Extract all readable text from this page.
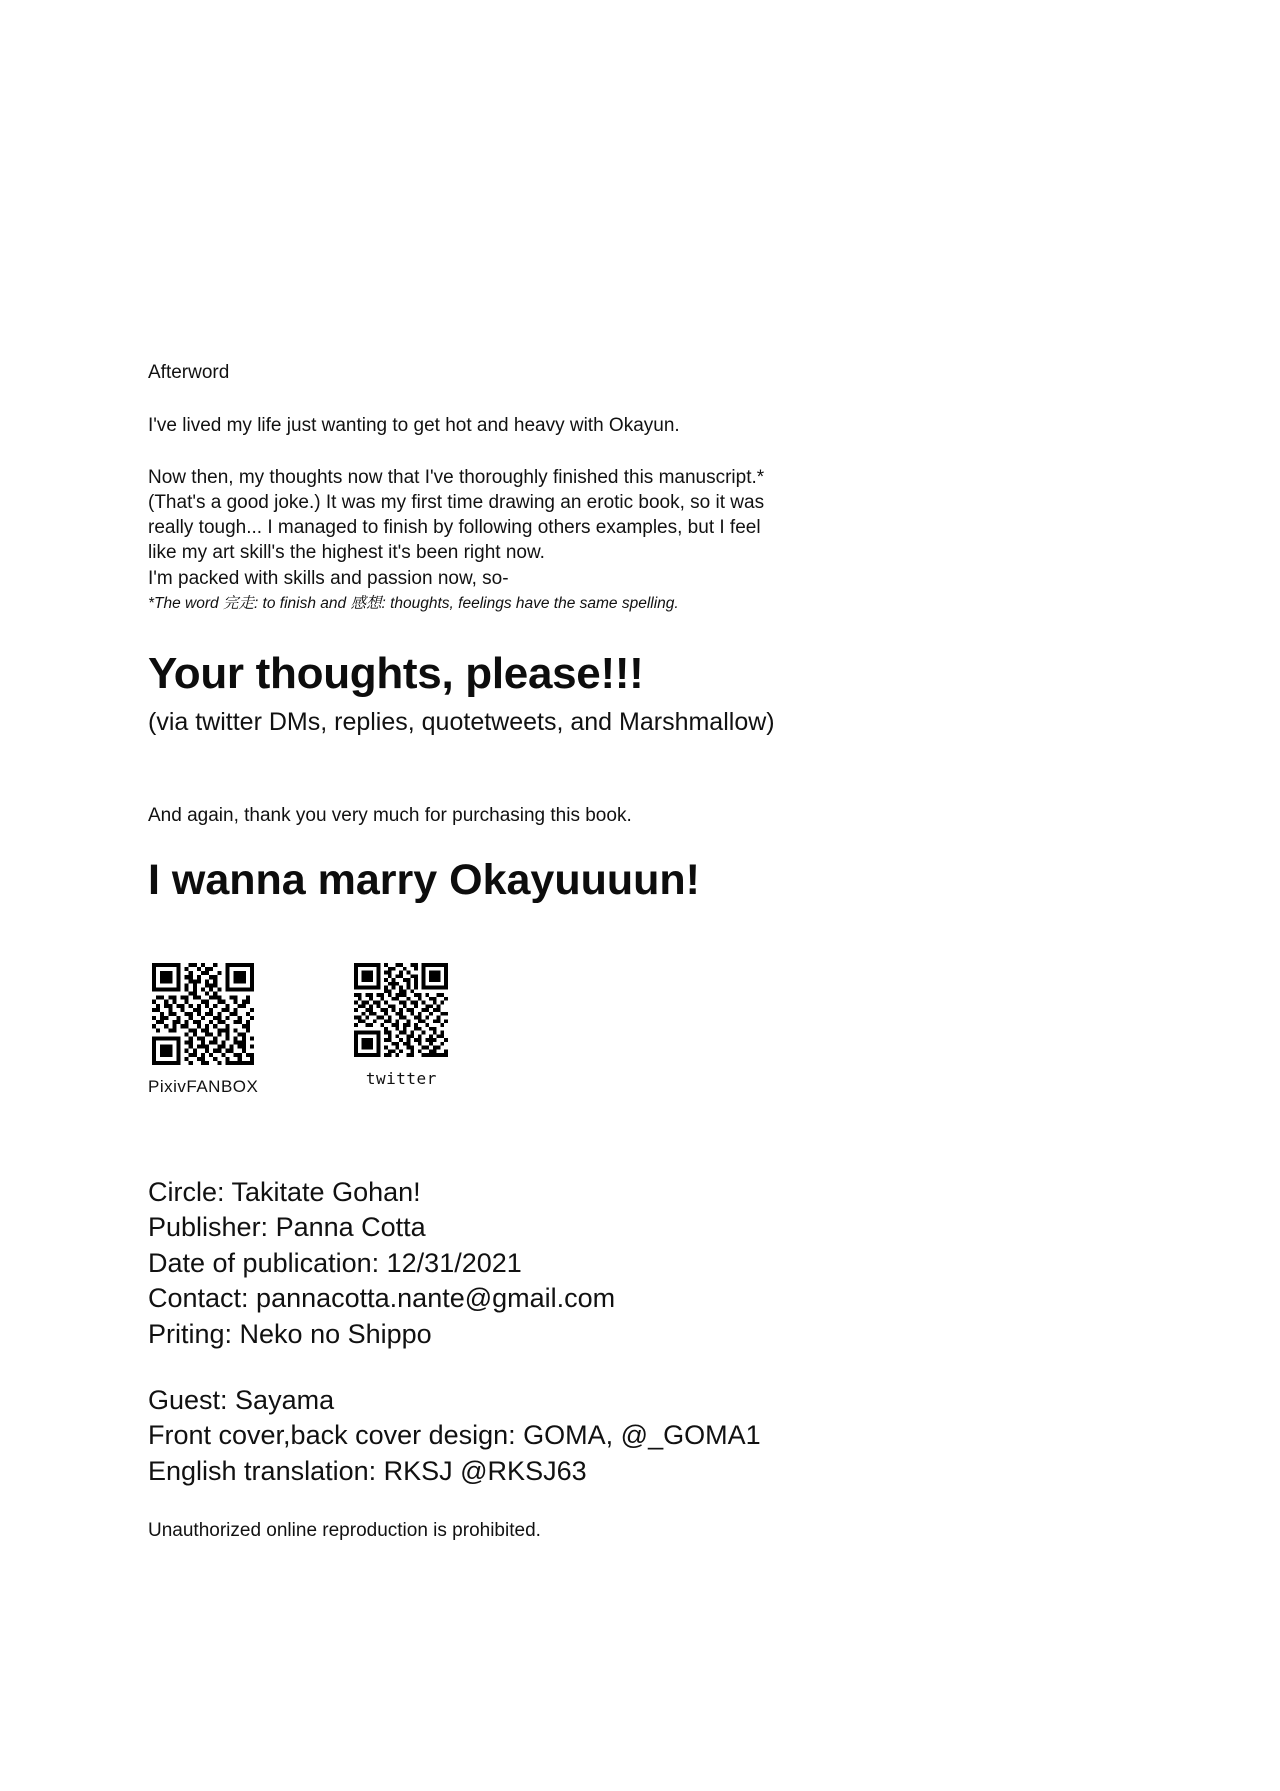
Afterword

I've lived my life just wanting to get hot and heavy with Okayun.

Now then, my thoughts now that I've thoroughly finished this manuscript.*
(That's a good joke.) It was my first time drawing an erotic book, so it was
really tough... I managed to finish by following others examples, but I feel
like my art skill's the highest it's been right now.
I'm packed with skills and passion now, so-

*The word 完走: to finish and 感想: thoughts, feelings have the same spelling.

Your thoughts, please!!!

(via twitter DMs, replies, quotetweets, and Marshmallow)

And again, thank you very much for purchasing this book.

I wanna marry Okayuuuun!
PixivFANBOX	twitter
Circle: Takitate Gohan!
Publisher: Panna Cotta
Date of publication: 12/31/2021
Contact: pannacotta.nante@gmail.com
Priting: Neko no Shippo
Guest: Sayama
Front cover,back cover design: GOMA, @_GOMA1
English translation: RKSJ @RKSJ63

Unauthorized online reproduction is prohibited.
